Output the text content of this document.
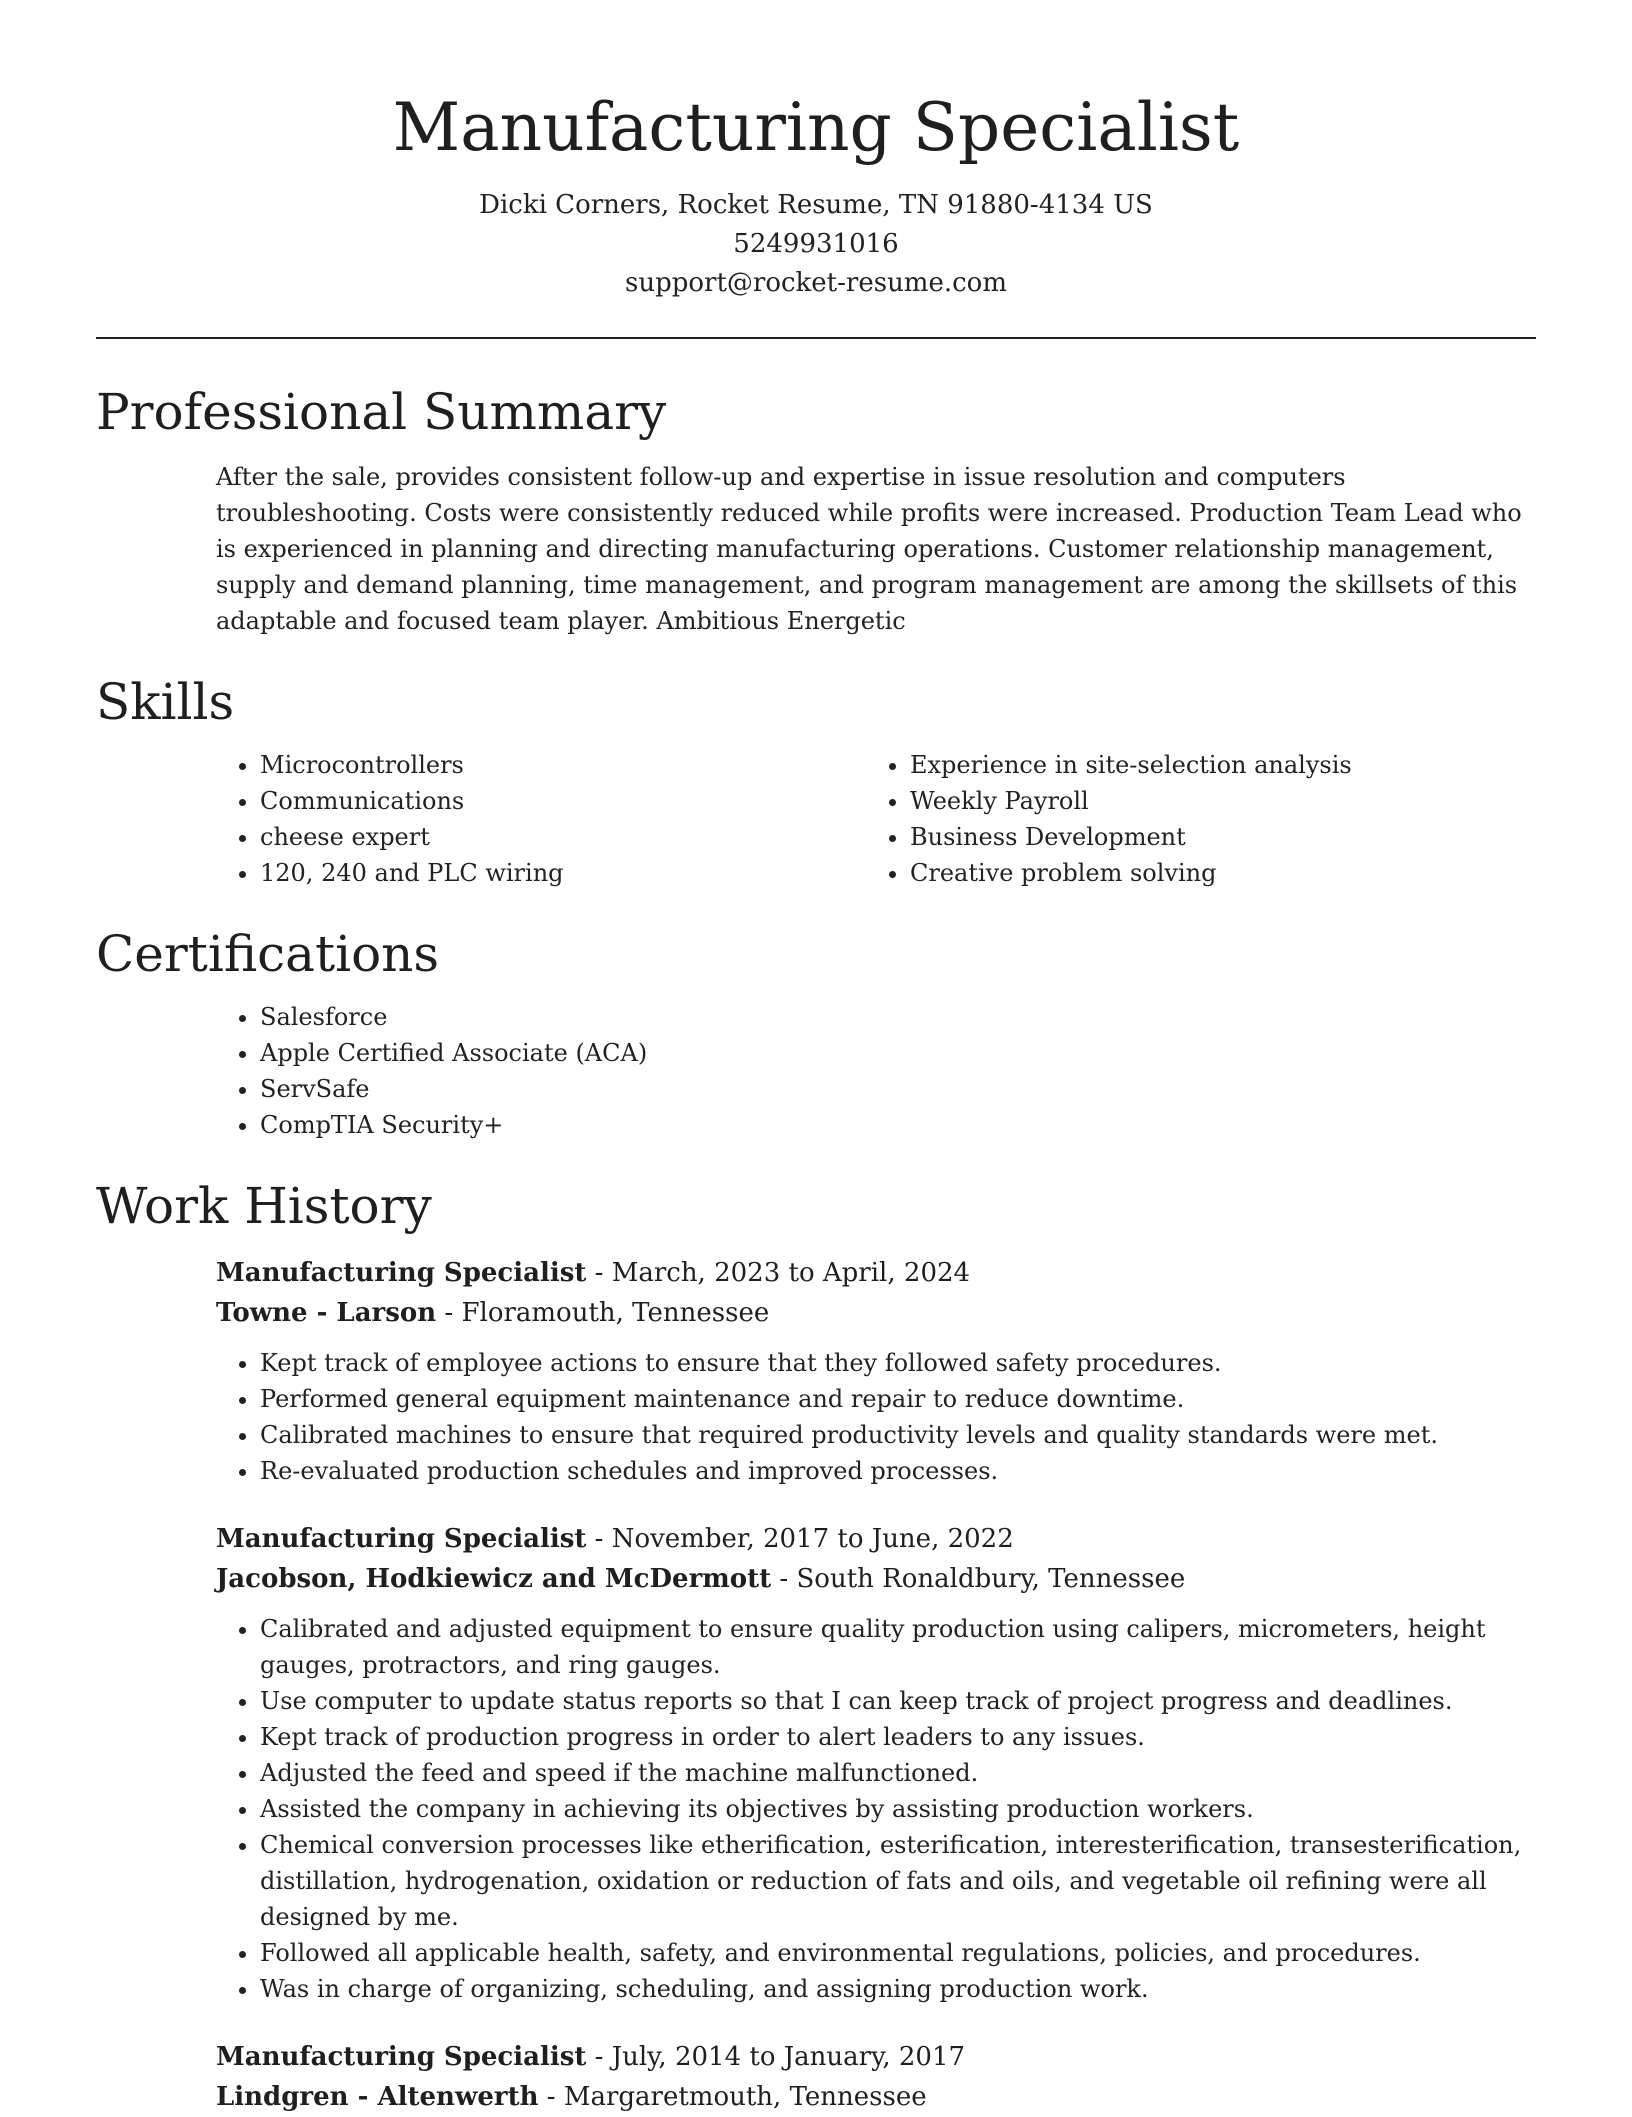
Manufacturing Specialist
Dicki Corners, Rocket Resume, TN 91880-4134 US
5249931016
support@rocket-resume.com
Professional Summary
After the sale, provides consistent follow-up and expertise in issue resolution and computers troubleshooting. Costs were consistently reduced while profits were increased. Production Team Lead who is experienced in planning and directing manufacturing operations. Customer relationship management, supply and demand planning, time management, and program management are among the skillsets of this adaptable and focused team player. Ambitious Energetic
Skills
• Microcontrollers
• Communications
• cheese expert
• 120, 240 and PLC wiring
• Experience in site-selection analysis
• Weekly Payroll
• Business Development
• Creative problem solving
Certifications
• Salesforce
• Apple Certified Associate (ACA)
• ServSafe
• CompTIA Security+
Work History
Manufacturing Specialist - March, 2023 to April, 2024
Towne - Larson - Floramouth, Tennessee
• Kept track of employee actions to ensure that they followed safety procedures.
• Performed general equipment maintenance and repair to reduce downtime.
• Calibrated machines to ensure that required productivity levels and quality standards were met.
• Re-evaluated production schedules and improved processes.
Manufacturing Specialist - November, 2017 to June, 2022
Jacobson, Hodkiewicz and McDermott - South Ronaldbury, Tennessee
• Calibrated and adjusted equipment to ensure quality production using calipers, micrometers, height gauges, protractors, and ring gauges.
• Use computer to update status reports so that I can keep track of project progress and deadlines.
• Kept track of production progress in order to alert leaders to any issues.
• Adjusted the feed and speed if the machine malfunctioned.
• Assisted the company in achieving its objectives by assisting production workers.
• Chemical conversion processes like etherification, esterification, interesterification, transesterification, distillation, hydrogenation, oxidation or reduction of fats and oils, and vegetable oil refining were all designed by me.
• Followed all applicable health, safety, and environmental regulations, policies, and procedures.
• Was in charge of organizing, scheduling, and assigning production work.
Manufacturing Specialist - July, 2014 to January, 2017
Lindgren - Altenwerth - Margaretmouth, Tennessee
